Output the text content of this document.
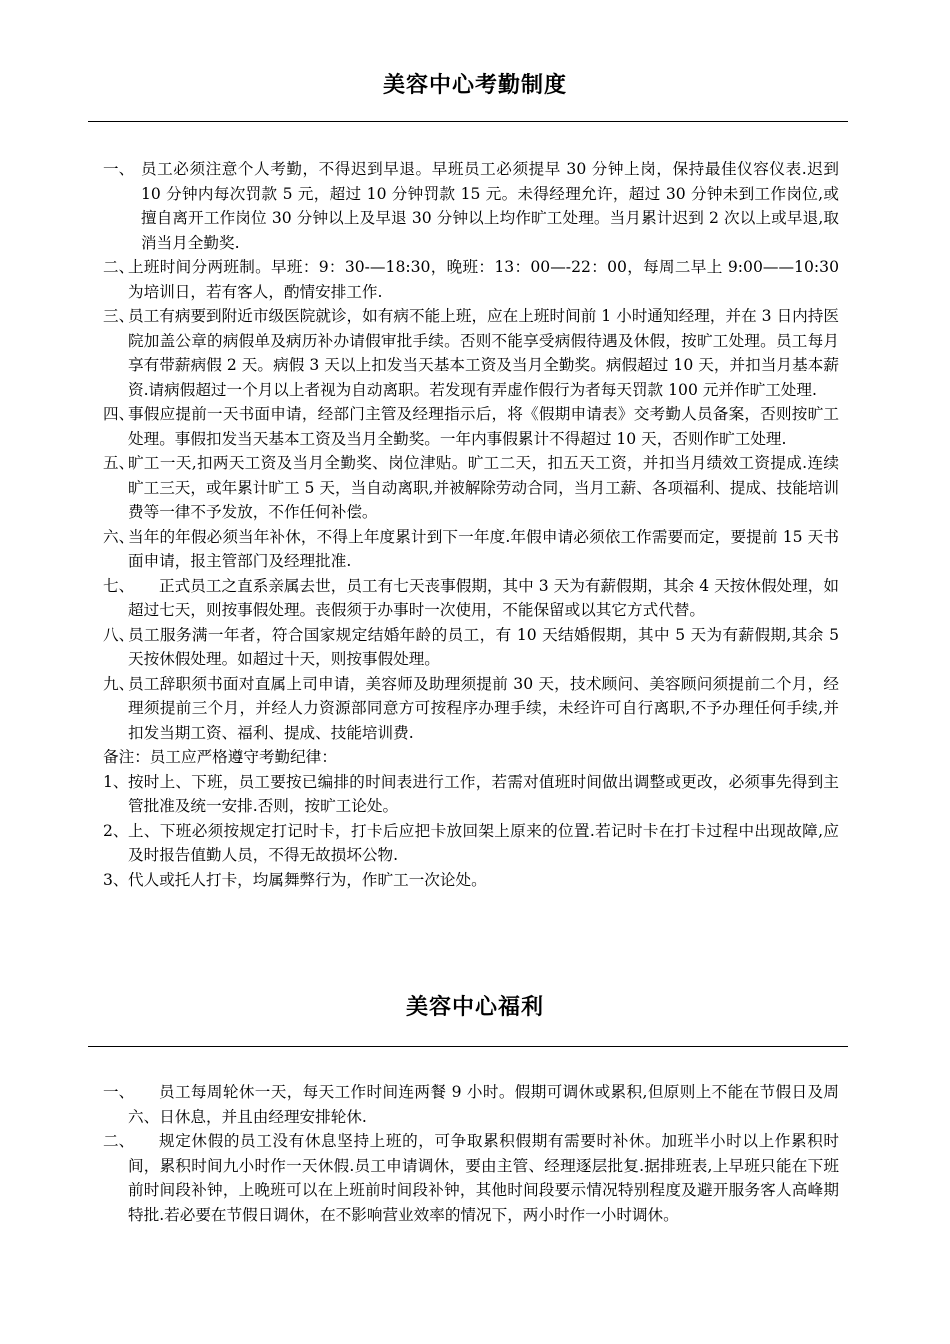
美容中心考勤制度
一、 员工必须注意个人考勤，不得迟到早退。早班员工必须提早 30 分钟上岗，保持最佳仪容仪表.迟到 10 分钟内每次罚款 5 元，超过 10 分钟罚款 15 元。未得经理允许，超过 30 分钟未到工作岗位,或擅自离开工作岗位 30 分钟以上及早退 30 分钟以上均作旷工处理。当月累计迟到 2 次以上或早退,取消当月全勤奖.
二、
上班时间分两班制。早班：9：30-—18:30，晚班：13：00—-22：00，每周二早上 9:00——10:30 为培训日，若有客人，酌情安排工作.
三、
员工有病要到附近市级医院就诊，如有病不能上班，应在上班时间前 1 小时通知经理，并在 3 日内持医院加盖公章的病假单及病历补办请假审批手续。否则不能享受病假待遇及休假，按旷工处理。员工每月享有带薪病假 2 天。病假 3 天以上扣发当天基本工资及当月全勤奖。病假超过 10 天，并扣当月基本薪资.请病假超过一个月以上者视为自动离职。若发现有弄虚作假行为者每天罚款 100 元并作旷工处理.
四、
事假应提前一天书面申请，经部门主管及经理指示后，将《假期申请表》交考勤人员备案，否则按旷工处理。事假扣发当天基本工资及当月全勤奖。一年内事假累计不得超过 10 天，否则作旷工处理.
五、
旷工一天,扣两天工资及当月全勤奖、岗位津贴。旷工二天，扣五天工资，并扣当月绩效工资提成.连续旷工三天，或年累计旷工 5 天，当自动离职,并被解除劳动合同，当月工薪、各项福利、提成、技能培训费等一律不予发放，不作任何补偿。
六、
当年的年假必须当年补休，不得上年度累计到下一年度.年假申请必须依工作需要而定，要提前 15 天书面申请，报主管部门及经理批准.
七、 正式员工之直系亲属去世，员工有七天丧事假期，其中 3 天为有薪假期，其余 4 天按休假处理，如超过七天，则按事假处理。丧假须于办事时一次使用，不能保留或以其它方式代替。
八、
员工服务满一年者，符合国家规定结婚年龄的员工，有 10 天结婚假期，其中 5 天为有薪假期,其余 5 天按休假处理。如超过十天，则按事假处理。
九、
员工辞职须书面对直属上司申请，美容师及助理须提前 30 天，技术顾问、美容顾问须提前二个月，经理须提前三个月，并经人力资源部同意方可按程序办理手续，未经许可自行离职,不予办理任何手续,并扣发当期工资、福利、提成、技能培训费.
备注：员工应严格遵守考勤纪律：
1、 按时上、下班，员工要按已编排的时间表进行工作，若需对值班时间做出调整或更改，必须事先得到主管批准及统一安排.否则，按旷工论处。
2、 上、下班必须按规定打记时卡，打卡后应把卡放回架上原来的位置.若记时卡在打卡过程中出现故障,应及时报告值勤人员，不得无故损坏公物.
3、 代人或托人打卡，均属舞弊行为，作旷工一次论处。
美容中心福利
一、 员工每周轮休一天，每天工作时间连两餐 9 小时。假期可调休或累积,但原则上不能在节假日及周六、日休息，并且由经理安排轮休.
二、 规定休假的员工没有休息坚持上班的，可争取累积假期有需要时补休。加班半小时以上作累积时间，累积时间九小时作一天休假.员工申请调休，要由主管、经理逐层批复.据排班表,上早班只能在下班前时间段补钟，上晚班可以在上班前时间段补钟，其他时间段要示情况特别程度及避开服务客人高峰期特批.若必要在节假日调休，在不影响营业效率的情况下，两小时作一小时调休。
